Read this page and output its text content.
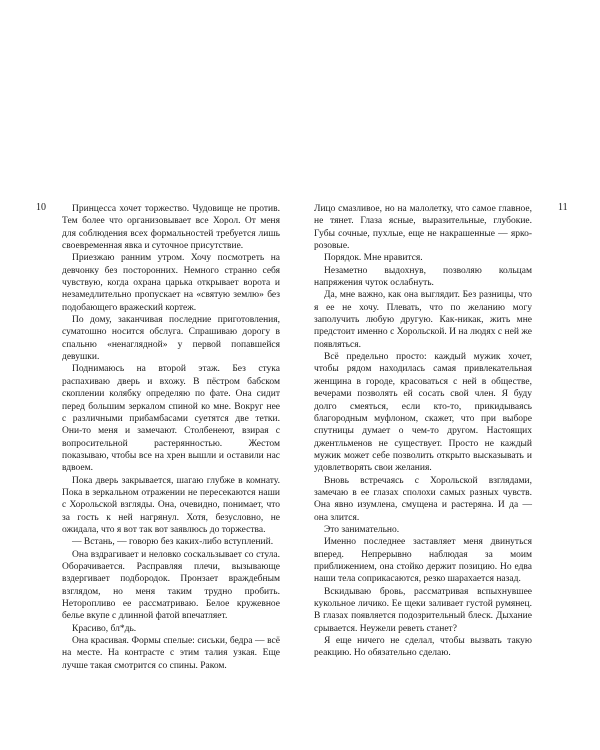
10	11

Принцесса хочет торжество. Чудовище не против. Тем более что организовывает все Хорол. От меня для соблюдения всех формальностей требуется лишь своевременная явка и суточное присутствие.

Приезжаю ранним утром. Хочу посмотреть на девчонку без посторонних. Немного странно себя чувствую, когда охрана царька открывает ворота и незамедлительно пропускает на «святую землю» без подобающего вражеский кортеж.

По дому, заканчивая последние приготовления, суматошно носится обслуга. Спрашиваю дорогу в спальню «ненаглядной» у первой попавшейся девушки.

Поднимаюсь на второй этаж. Без стука распахиваю дверь и вхожу. В пёстром бабском скоплении колябку определяю по фате. Она сидит перед большим зеркалом спиной ко мне. Вокруг нее с различными прибамбасами суетятся две тетки. Они-то меня и замечают. Столбенеют, взирая с вопросительной растерянностью. Жестом показываю, чтобы все на хрен вышли и оставили нас вдвоем.

Пока дверь закрывается, шагаю глубже в комнату. Пока в зеркальном отражении не пересекаются наши с Хорольской взгляды. Она, очевидно, понимает, что за гость к ней нагрянул. Хотя, безусловно, не ожидала, что я вот так вот заявлюсь до торжества.

— Встань, — говорю без каких-либо вступлений.

Она вздрагивает и неловко соскальзывает со стула. Оборачивается. Расправляя плечи, вызывающе вздергивает подбородок. Пронзает враждебным взглядом, но меня таким трудно пробить. Неторопливо ее рассматриваю. Белое кружевное белье вкупе с длинной фатой впечатляет.

Красиво, бл*дь.

Она красивая. Формы спелые: сиськи, бедра — всё на месте. На контрасте с этим талия узкая. Еще лучше такая смотрится со спины. Раком.

Лицо смазливое, но на малолетку, что самое главное, не тянет. Глаза ясные, выразительные, глубокие. Губы сочные, пухлые, еще не накрашенные — ярко-розовые.

Порядок. Мне нравится.

Незаметно выдохнув, позволяю кольцам напряжения чуток ослабнуть.

Да, мне важно, как она выглядит. Без разницы, что я ее не хочу. Плевать, что по желанию могу заполучить любую другую. Как-никак, жить мне предстоит именно с Хорольской. И на людях с ней же появляться.

Всё предельно просто: каждый мужик хочет, чтобы рядом находилась самая привлекательная женщина в городе, красоваться с ней в обществе, вечерами позволять ей сосать свой член. Я буду долго смеяться, если кто-то, прикидываясь благородным муфлоном, скажет, что при выборе спутницы думает о чем-то другом. Настоящих джентльменов не существует. Просто не каждый мужик может себе позволить открыто высказывать и удовлетворять свои желания.

Вновь встречаясь с Хорольской взглядами, замечаю в ее глазах сполохи самых разных чувств. Она явно изумлена, смущена и растеряна. И да — она злится.

Это занимательно.

Именно последнее заставляет меня двинуться вперед. Непрерывно наблюдая за моим приближением, она стойко держит позицию. Но едва наши тела соприкасаются, резко шарахается назад.

Вскидываю бровь, рассматривая вспыхнувшее кукольное личико. Ее щеки заливает густой румянец. В глазах появляется подозрительный блеск. Дыхание срывается. Неужели реветь станет?

Я еще ничего не сделал, чтобы вызвать такую реакцию. Но обязательно сделаю.
